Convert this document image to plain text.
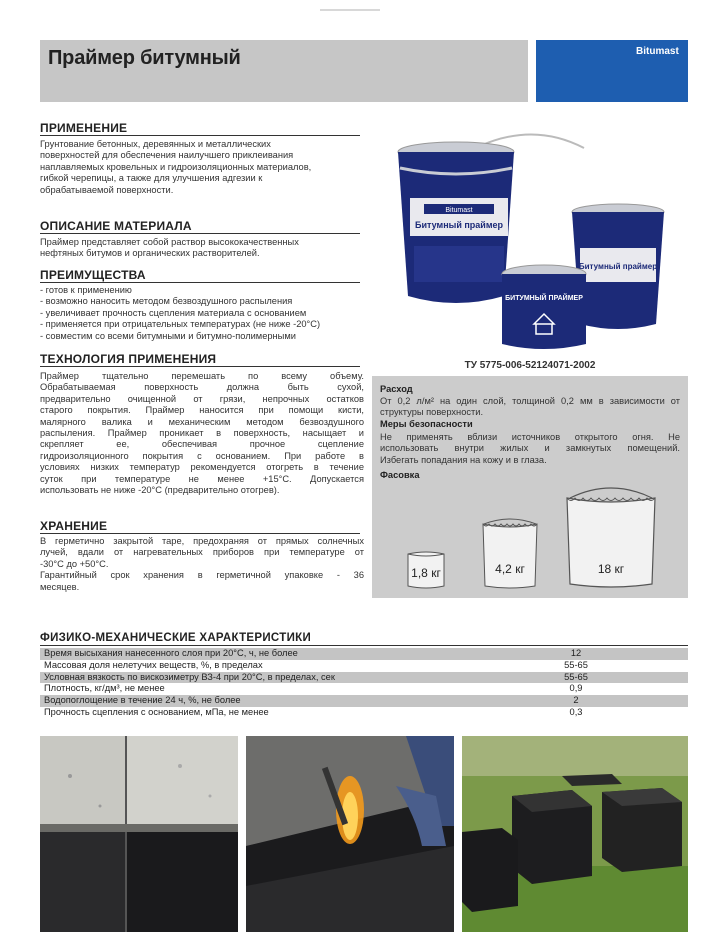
Праймер битумный	Bitumast
ПРИМЕНЕНИЕ
Грунтование бетонных, деревянных и металлических
поверхностей для обеспечения наилучшего приклеивания
наплавляемых кровельных и гидроизоляционных материалов,
гибкой черепицы, а также для улучшения адгезии к
обрабатываемой поверхности.
ОПИСАНИЕ МАТЕРИАЛА
Праймер представляет собой раствор высококачественных
нефтяных битумов и органических растворителей.
ПРЕИМУЩЕСТВА
- готов к применению
- возможно наносить методом безвоздушного распыления
- увеличивает прочность сцепления материала с основанием
- применяется при отрицательных температурах (не ниже -20°С)
- совместим со всеми битумными и битумно-полимерными
ТЕХНОЛОГИЯ ПРИМЕНЕНИЯ
Праймер тщательно перемешать по всему объему.
Обрабатываемая поверхность должна быть сухой,
предварительно очищенной от грязи, непрочных остатков
старого покрытия. Праймер наносится при помощи кисти,
малярного валика и механическим методом безвоздушного
распыления. Праймер проникает в поверхность, насыщает и
скрепляет ее, обеспечивая прочное сцепление
гидроизоляционного покрытия с основанием. При работе в
условиях низких температур рекомендуется отогреть в течение
суток при температуре не менее +15°С. Допускается
использовать не ниже -20°С (предварительно отогрев).
ХРАНЕНИЕ
В герметично закрытой таре, предохраняя от прямых солнечных
лучей, вдали от нагревательных приборов при температуре от
-30°С до +50°С.
Гарантийный срок хранения в герметичной упаковке - 36
месяцев.
Bitumast
Битумный праймер
Битумный праймер
БИТУМНЫЙ ПРАЙМЕР
ТУ 5775-006-52124071-2002
Расход
От 0,2 л/м² на один слой, толщиной 0,2 мм в зависимости от
структуры поверхности.
Меры безопасности
Не применять вблизи источников открытого огня. Не
использовать внутри жилых и замкнутых помещений.
Избегать попадания на кожу и в глаза.
Фасовка
1,8 кг	4,2 кг	18 кг
ФИЗИКО-МЕХАНИЧЕСКИЕ ХАРАКТЕРИСТИКИ
Время высыхания нанесенного слоя при 20°С, ч, не более	12
Массовая доля нелетучих веществ, %, в пределах	55-65
Условная вязкость по вискозиметру ВЗ-4 при 20°С, в пределах, сек	55-65
Плотность, кг/дм³, не менее	0,9
Водопоглощение в течение 24 ч, %, не более	2
Прочность сцепления с основанием, мПа, не менее	0,3
